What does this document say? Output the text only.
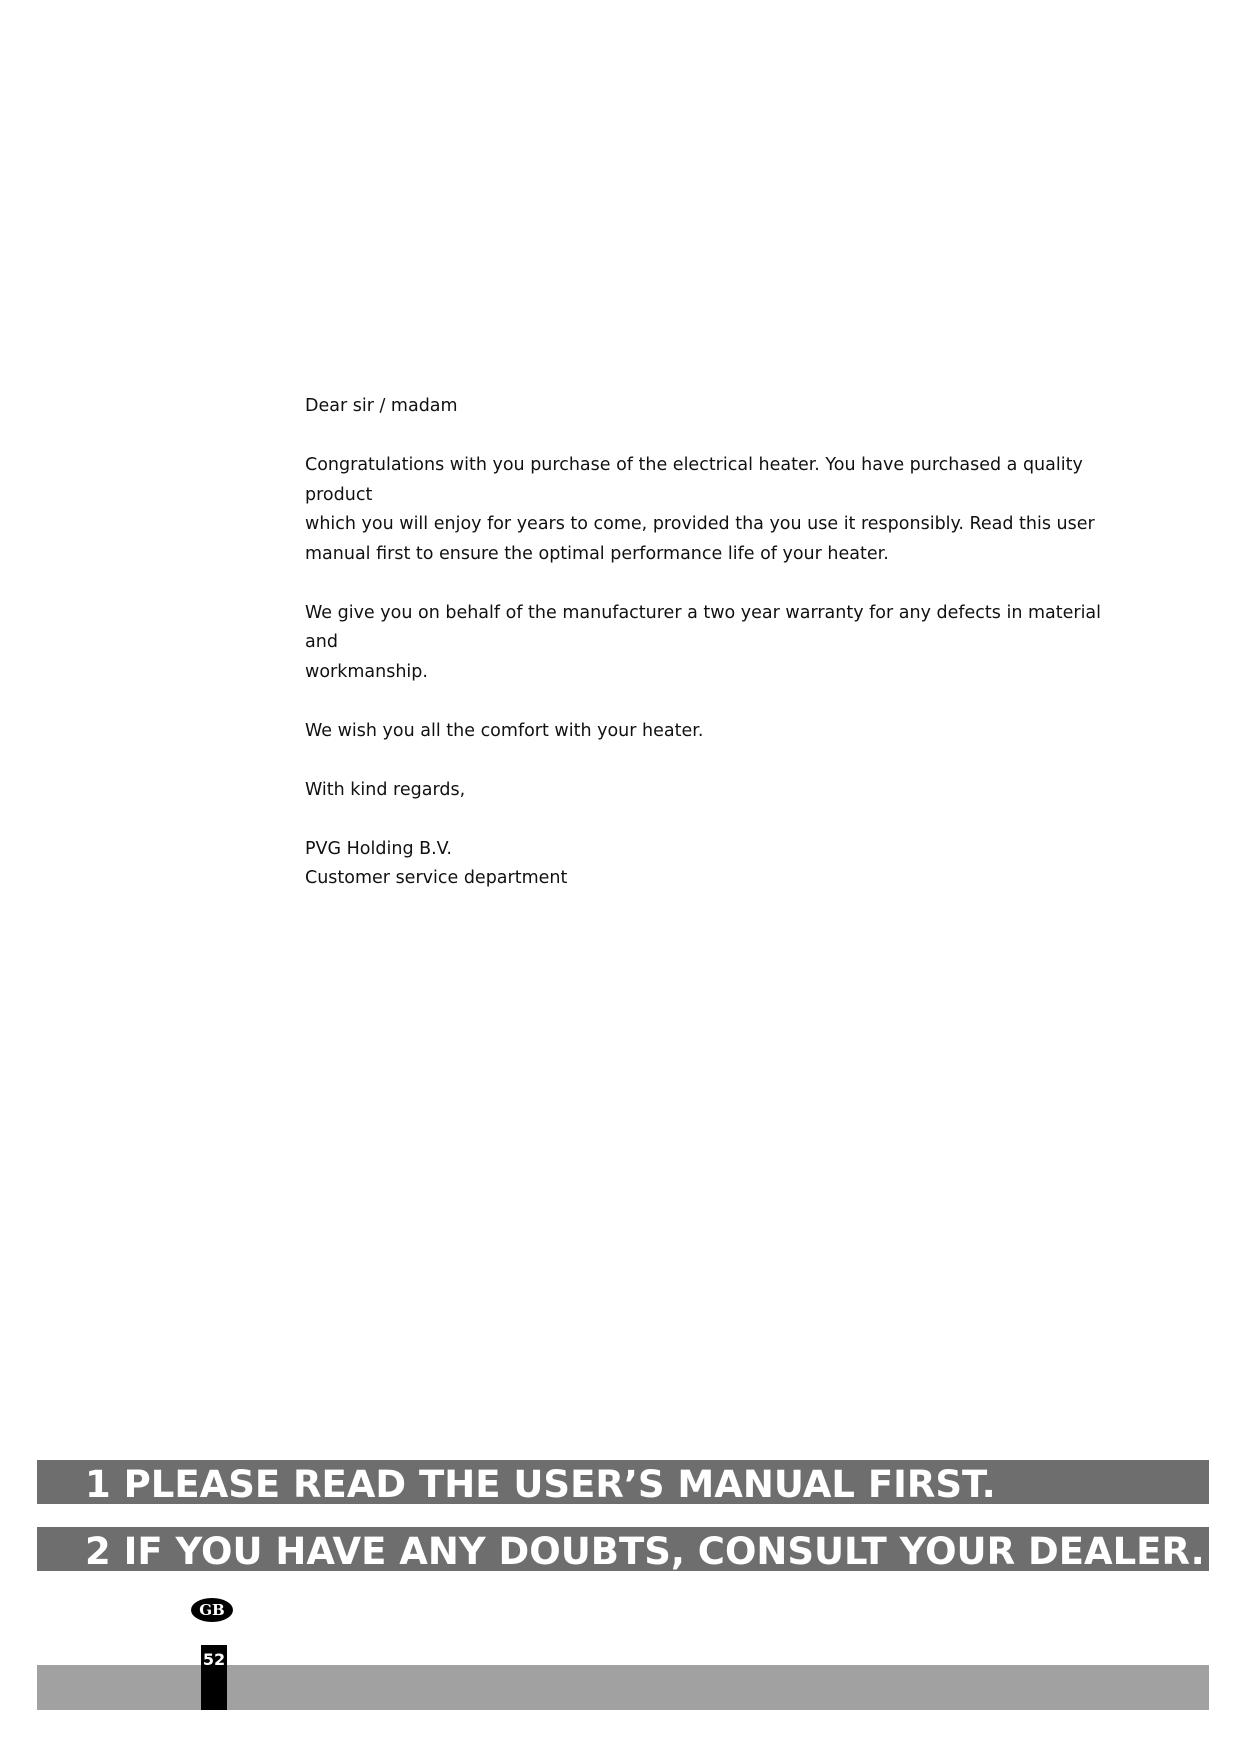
Dear sir / madam

Congratulations with you purchase of the electrical heater. You have purchased a quality product
which you will enjoy for years to come, provided tha you use it responsibly. Read this user
manual first to ensure the optimal performance life of your heater.

We give you on behalf of the manufacturer a two year warranty for any defects in material and
workmanship.

We wish you all the comfort with your heater.

With kind regards,

PVG Holding B.V.
Customer service department

1 PLEASE READ THE USER’S MANUAL FIRST.
2 IF YOU HAVE ANY DOUBTS, CONSULT YOUR DEALER.
GB
52
